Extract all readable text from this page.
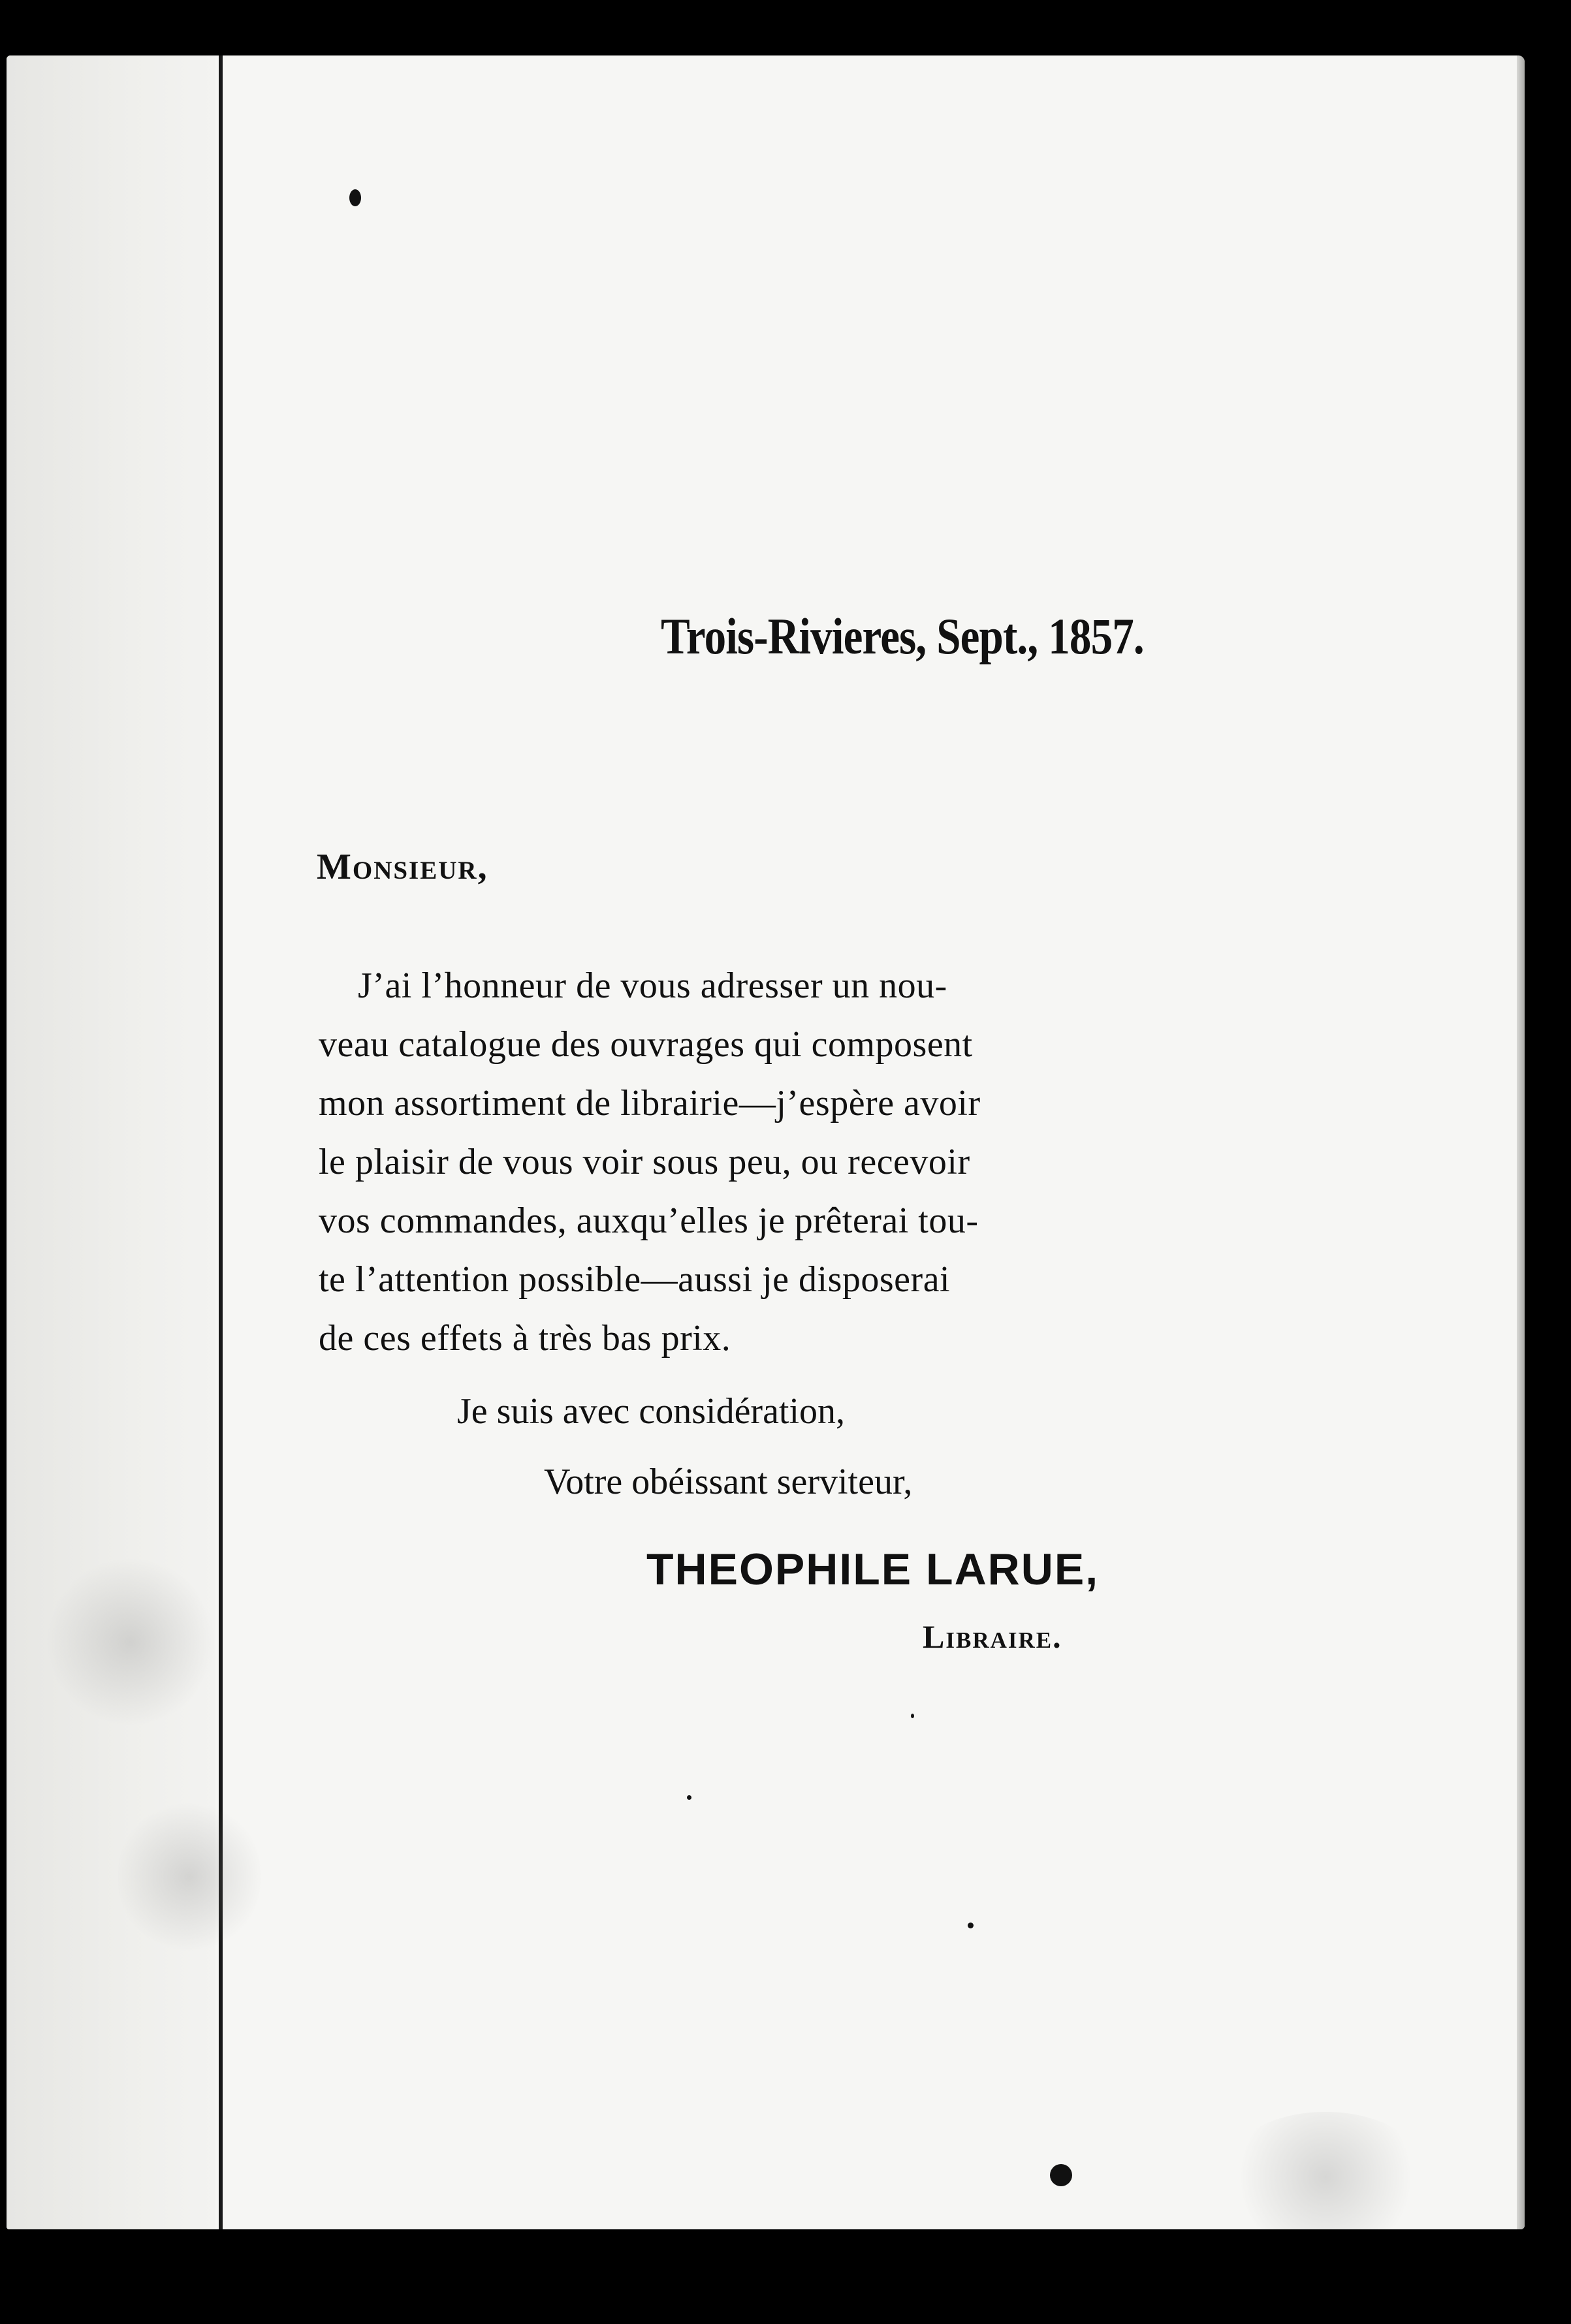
Trois-Rivieres, Sept., 1857.

Monsieur,

J’ai l’honneur de vous adresser un nou-

veau catalogue des ouvrages qui composent

mon assortiment de librairie—j’espère avoir

le plaisir de vous voir sous peu, ou recevoir

vos commandes, auxqu’elles je prêterai tou-

te l’attention possible—aussi je disposerai

de ces effets à très bas prix.

Je suis avec considération,

Votre obéissant serviteur,

THEOPHILE LARUE,

Libraire.
